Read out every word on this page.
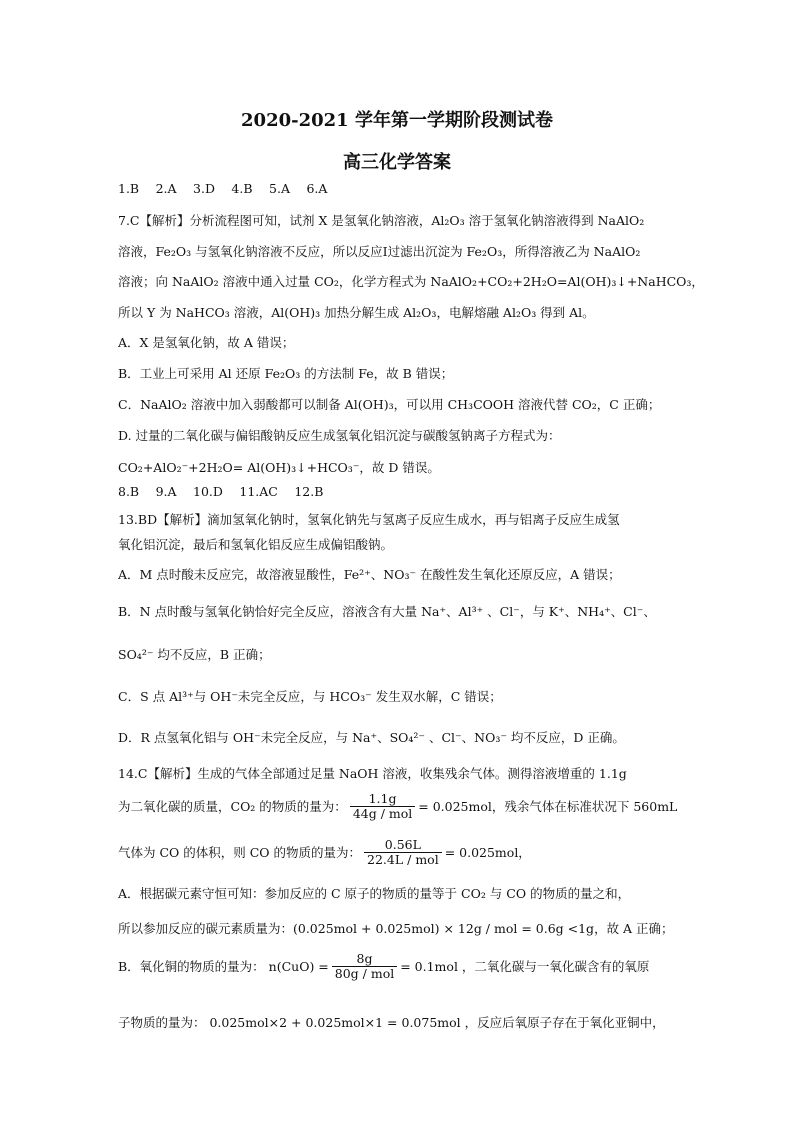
2020-2021 学年第一学期阶段测试卷
高三化学答案
1.B　 2.A　 3.D　 4.B　 5.A　 6.A
7.C【解析】分析流程图可知，试剂 X 是氢氧化钠溶液，Al₂O₃ 溶于氢氧化钠溶液得到 NaAlO₂
溶液，Fe₂O₃ 与氢氧化钠溶液不反应，所以反应Ⅰ过滤出沉淀为 Fe₂O₃，所得溶液乙为 NaAlO₂
溶液；向 NaAlO₂ 溶液中通入过量 CO₂，化学方程式为 NaAlO₂+CO₂+2H₂O=Al(OH)₃↓+NaHCO₃，
所以 Y 为 NaHCO₃ 溶液，Al(OH)₃ 加热分解生成 Al₂O₃，电解熔融 Al₂O₃ 得到 Al。
A．X 是氢氧化钠，故 A 错误；
B．工业上可采用 Al 还原 Fe₂O₃ 的方法制 Fe，故 B 错误；
C．NaAlO₂ 溶液中加入弱酸都可以制备 Al(OH)₃，可以用 CH₃COOH 溶液代替 CO₂，C 正确；
D. 过量的二氧化碳与偏铝酸钠反应生成氢氧化铝沉淀与碳酸氢钠离子方程式为：
CO₂+AlO₂⁻+2H₂O= Al(OH)₃↓+HCO₃⁻，故 D 错误。
8.B　 9.A　 10.D　 11.AC　 12.B
13.BD【解析】滴加氢氧化钠时，氢氧化钠先与氢离子反应生成水，再与铝离子反应生成氢
氧化铝沉淀，最后和氢氧化铝反应生成偏铝酸钠。
A．M 点时酸未反应完，故溶液显酸性，Fe²⁺、NO₃⁻ 在酸性发生氧化还原反应，A 错误；
B．N 点时酸与氢氧化钠恰好完全反应，溶液含有大量 Na⁺、Al³⁺ 、Cl⁻，与 K⁺、NH₄⁺、Cl⁻、
SO₄²⁻ 均不反应，B 正确；
C．S 点 Al³⁺与 OH⁻未完全反应，与 HCO₃⁻ 发生双水解，C 错误；
D．R 点氢氧化铝与 OH⁻未完全反应，与 Na⁺、SO₄²⁻ 、Cl⁻、NO₃⁻ 均不反应，D 正确。
14.C【解析】生成的气体全部通过足量 NaOH 溶液，收集残余气体。测得溶液增重的 1.1g
为二氧化碳的质量，CO₂ 的物质的量为： $\frac{1.1g}{\text{44g / mol}} = 0.025mol$，残余气体在标准状况下 560mL
气体为 CO 的体积，则 CO 的物质的量为： $\frac{0.56L}{\text{22.4L / mol}} = 0.025mol$，
A．根据碳元素守恒可知：参加反应的 C 原子的物质的量等于 CO₂ 与 CO 的物质的量之和，
所以参加反应的碳元素质量为：(0.025mol + 0.025mol) × 12g / mol = 0.6g <1g，故 A 正确；
B．氧化铜的物质的量为： $n(CuO) = \frac{8g}{\text{80g / mol}} = 0.1mol$ ，二氧化碳与一氧化碳含有的氧原
子物质的量为： 0.025mol×2 + 0.025mol×1 = 0.075mol ，反应后氧原子存在于氧化亚铜中，
